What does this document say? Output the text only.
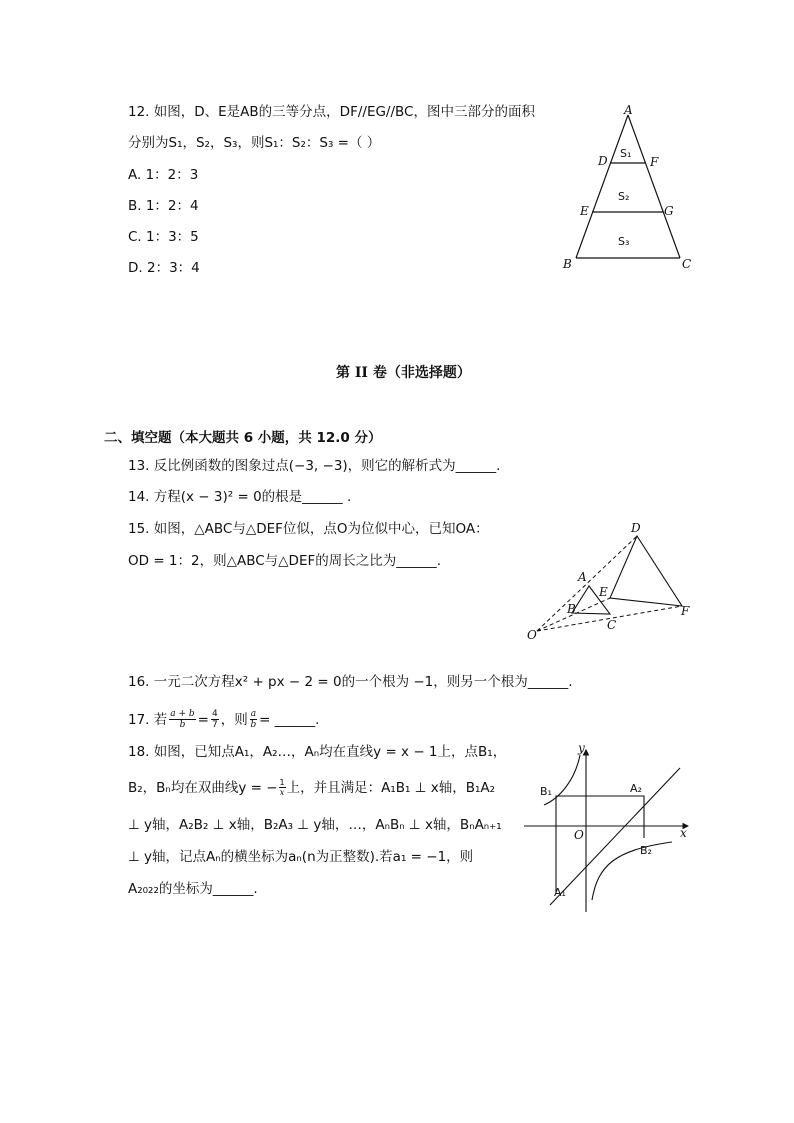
12. 如图，D、E是AB的三等分点，DF//EG//BC，图中三部分的面积
分别为S₁，S₂，S₃，则S₁：S₂：S₃ =（ ）
A. 1：2：3
B. 1：2：4
C. 1：3：5
D. 2：3：4
A
D	F
E	G
B	C
S₁
S₂
S₃
第 II 卷（非选择题）
二、填空题（本大题共 6 小题，共 12.0 分）
13. 反比例函数的图象过点(−3, −3)，则它的解析式为______.
14. 方程(x − 3)² = 0的根是______ .
15. 如图，△ABC与△DEF位似，点O为位似中心，已知OA：
OD = 1：2，则△ABC与△DEF的周长之比为______.
D
A
E
B	F
O
C
16. 一元二次方程x² + px − 2 = 0的一个根为 −1，则另一个根为______.
17. 若 $\frac{a + b}{b} = \frac{4}{7}$ ，则 $\frac{a}{b}$ = ______.
18. 如图，已知点A₁，A₂…，Aₙ均在直线y = x − 1上，点B₁，
B₂，Bₙ均在双曲线y = − $\frac{1}{x}$ 上，并且满足：A₁B₁ ⊥ x轴，B₁A₂
⊥ y轴，A₂B₂ ⊥ x轴，B₂A₃ ⊥ y轴，…，AₙBₙ ⊥ x轴，BₙAₙ₊₁
⊥ y轴，记点Aₙ的横坐标为aₙ(n为正整数).若a₁ = −1，则
A₂₀₂₂的坐标为______.
y
x
O
B₁	A₂
B₂
A₁
